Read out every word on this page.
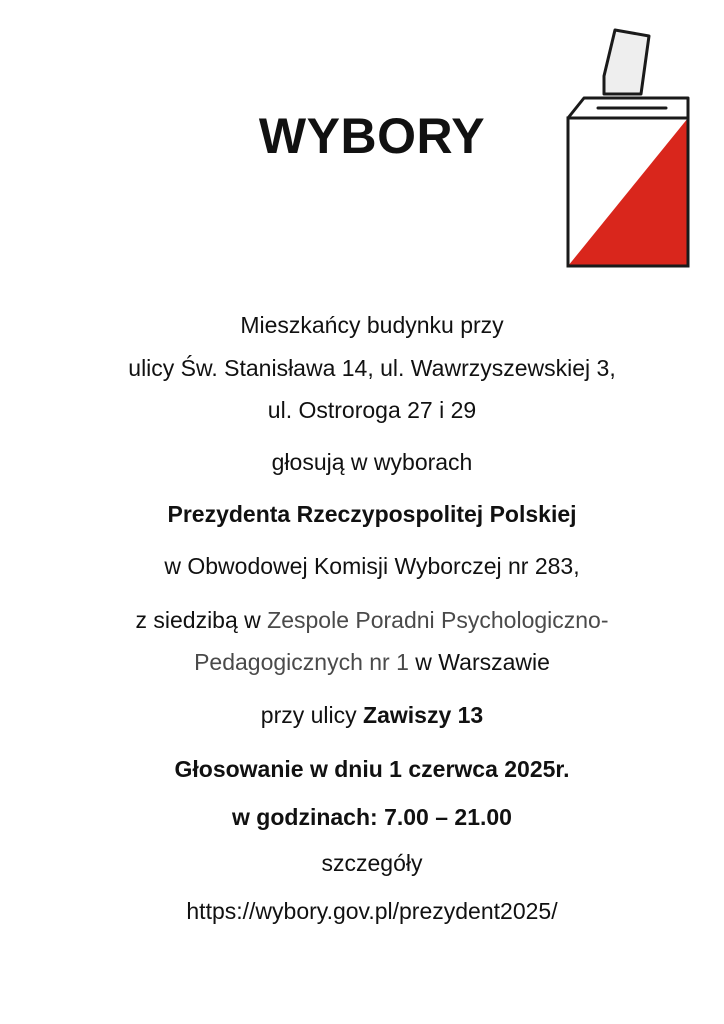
WYBORY
Mieszkańcy budynku przy
ulicy Św. Stanisława 14, ul. Wawrzyszewskiej 3,
ul. Ostroroga 27 i 29
głosują w wyborach
Prezydenta Rzeczypospolitej Polskiej
w Obwodowej Komisji Wyborczej nr 283,
z siedzibą w Zespole Poradni Psychologiczno-
Pedagogicznych nr 1 w Warszawie
przy ulicy Zawiszy 13
Głosowanie w dniu 1 czerwca 2025r.
w godzinach: 7.00 – 21.00
szczegóły
https://wybory.gov.pl/prezydent2025/
